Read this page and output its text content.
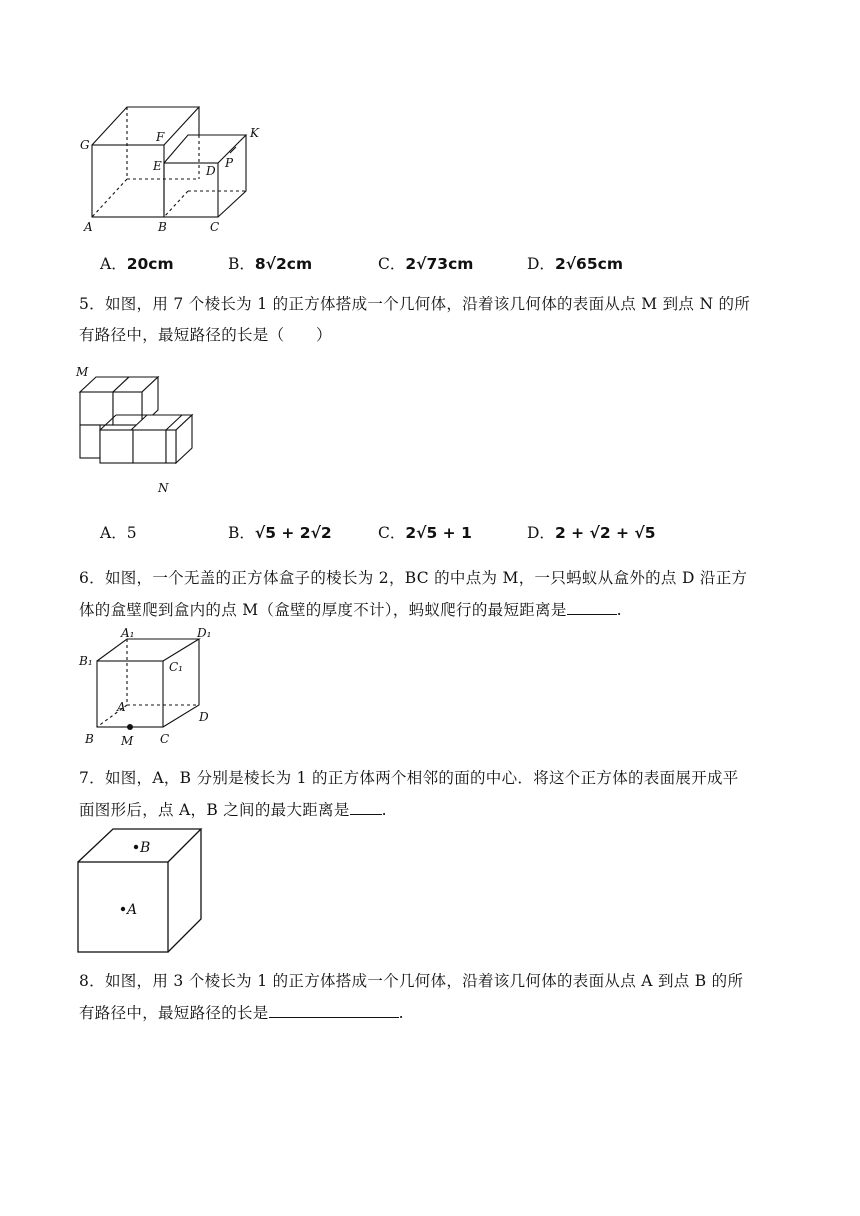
G
F
E	D
P
K
A	B	C
A．20cm	B．8√2cm	C．2√73cm	D．2√65cm
5．如图，用 7 个棱长为 1 的正方体搭成一个几何体，沿着该几何体的表面从点 M 到点 N 的所
有路径中，最短路径的长是（　　）
M
N
A．5	B．√5 + 2√2	C．2√5 + 1	D．2 + √2 + √5
6．如图，一个无盖的正方体盒子的棱长为 2，BC 的中点为 M，一只蚂蚁从盒外的点 D 沿正方
体的盒壁爬到盒内的点 M（盒壁的厚度不计），蚂蚁爬行的最短距离是	.
A₁	D₁
B₁	C₁
A
D
B M C
7．如图，A，B 分别是棱长为 1 的正方体两个相邻的面的中心．将这个正方体的表面展开成平
面图形后，点 A，B 之间的最大距离是 .
B
A
8．如图，用 3 个棱长为 1 的正方体搭成一个几何体，沿着该几何体的表面从点 A 到点 B 的所
有路径中，最短路径的长是	.
